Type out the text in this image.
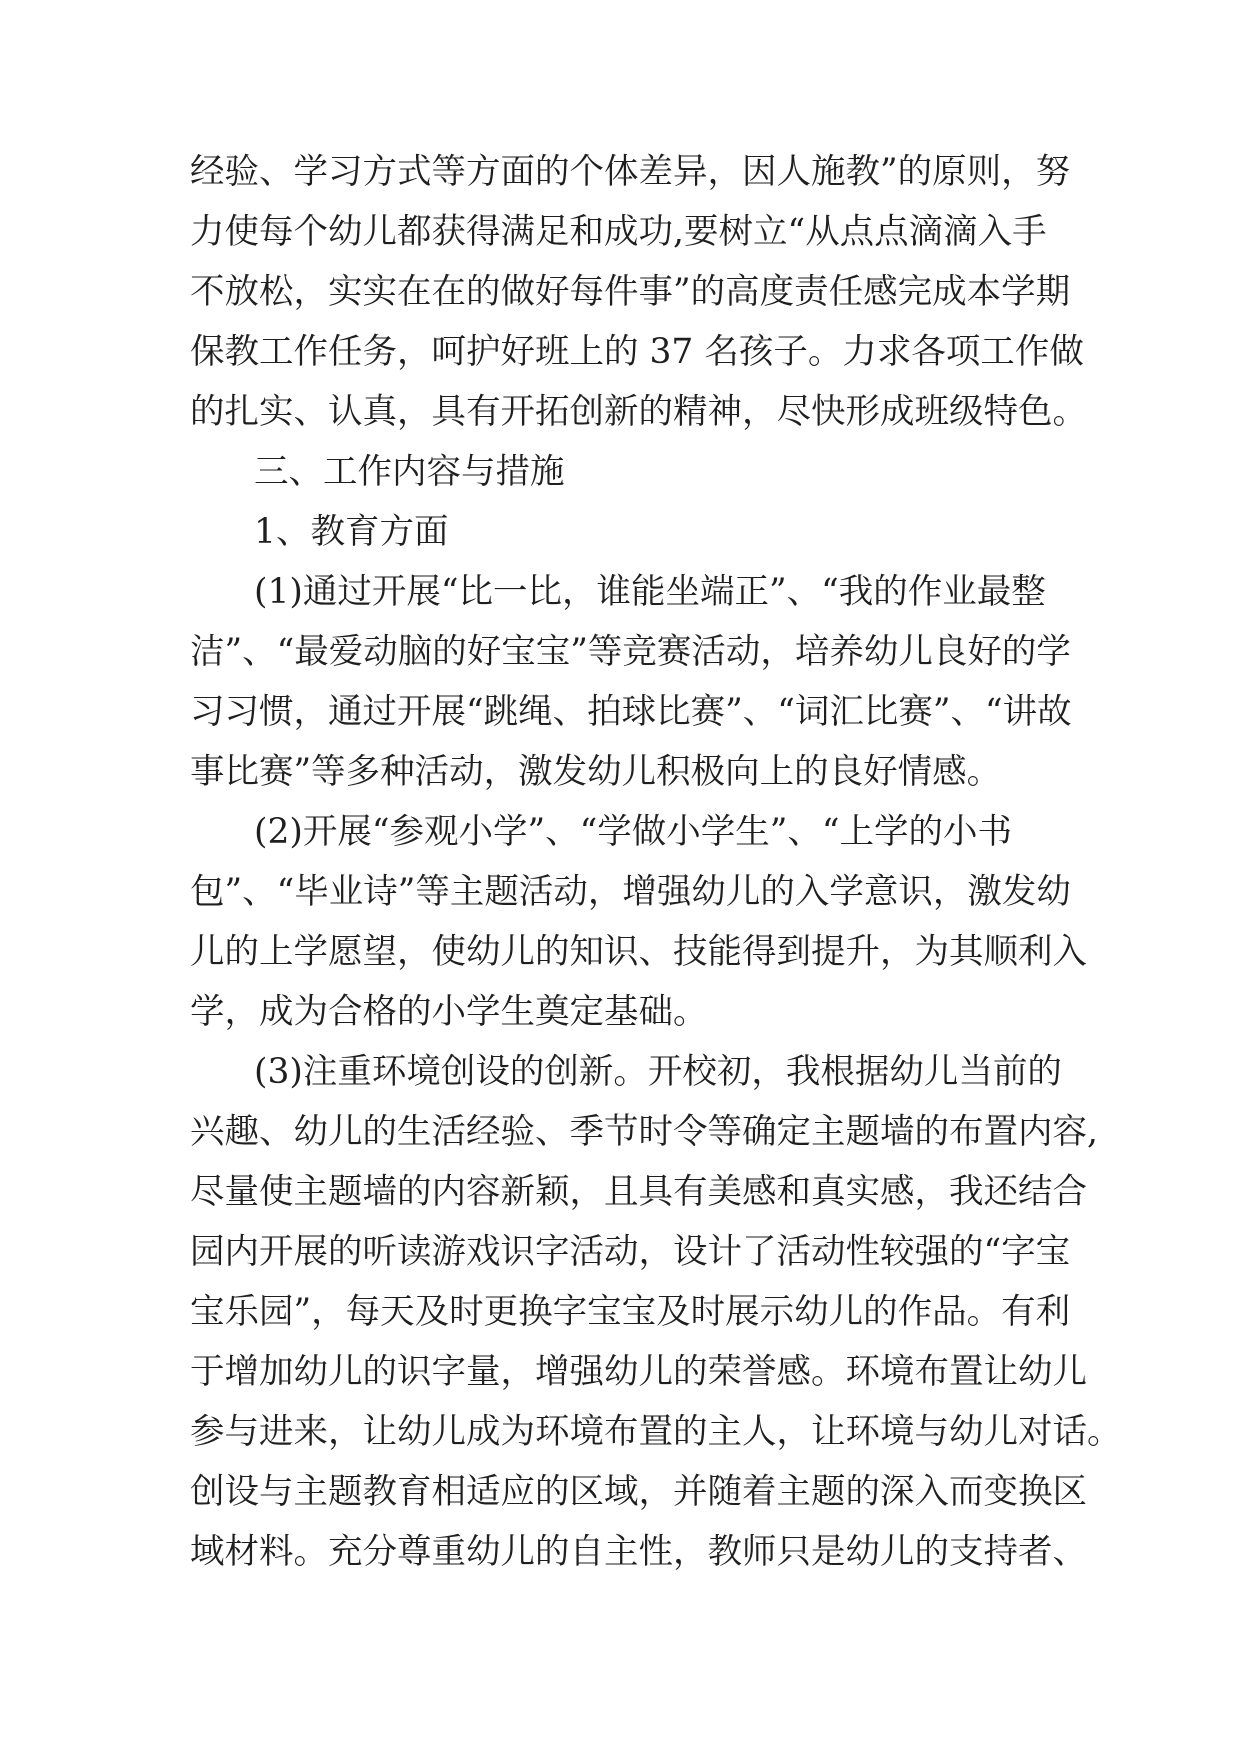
经验、学习方式等方面的个体差异，因人施教”的原则，努

力使每个幼儿都获得满足和成功,要树立“从点点滴滴入手

不放松，实实在在的做好每件事”的高度责任感完成本学期

保教工作任务，呵护好班上的 37 名孩子。力求各项工作做

的扎实、认真，具有开拓创新的精神，尽快形成班级特色。

三、工作内容与措施

1、教育方面

(1)通过开展“比一比，谁能坐端正”、“我的作业最整

洁”、“最爱动脑的好宝宝”等竞赛活动，培养幼儿良好的学

习习惯，通过开展“跳绳、拍球比赛”、“词汇比赛”、“讲故

事比赛”等多种活动，激发幼儿积极向上的良好情感。

(2)开展“参观小学”、“学做小学生”、“上学的小书

包”、“毕业诗”等主题活动，增强幼儿的入学意识，激发幼

儿的上学愿望，使幼儿的知识、技能得到提升，为其顺利入

学，成为合格的小学生奠定基础。

(3)注重环境创设的创新。开校初，我根据幼儿当前的

兴趣、幼儿的生活经验、季节时令等确定主题墙的布置内容,

尽量使主题墙的内容新颖，且具有美感和真实感，我还结合

园内开展的听读游戏识字活动，设计了活动性较强的“字宝

宝乐园”，每天及时更换字宝宝及时展示幼儿的作品。有利

于增加幼儿的识字量，增强幼儿的荣誉感。环境布置让幼儿

参与进来，让幼儿成为环境布置的主人，让环境与幼儿对话。

创设与主题教育相适应的区域，并随着主题的深入而变换区

域材料。充分尊重幼儿的自主性，教师只是幼儿的支持者、
